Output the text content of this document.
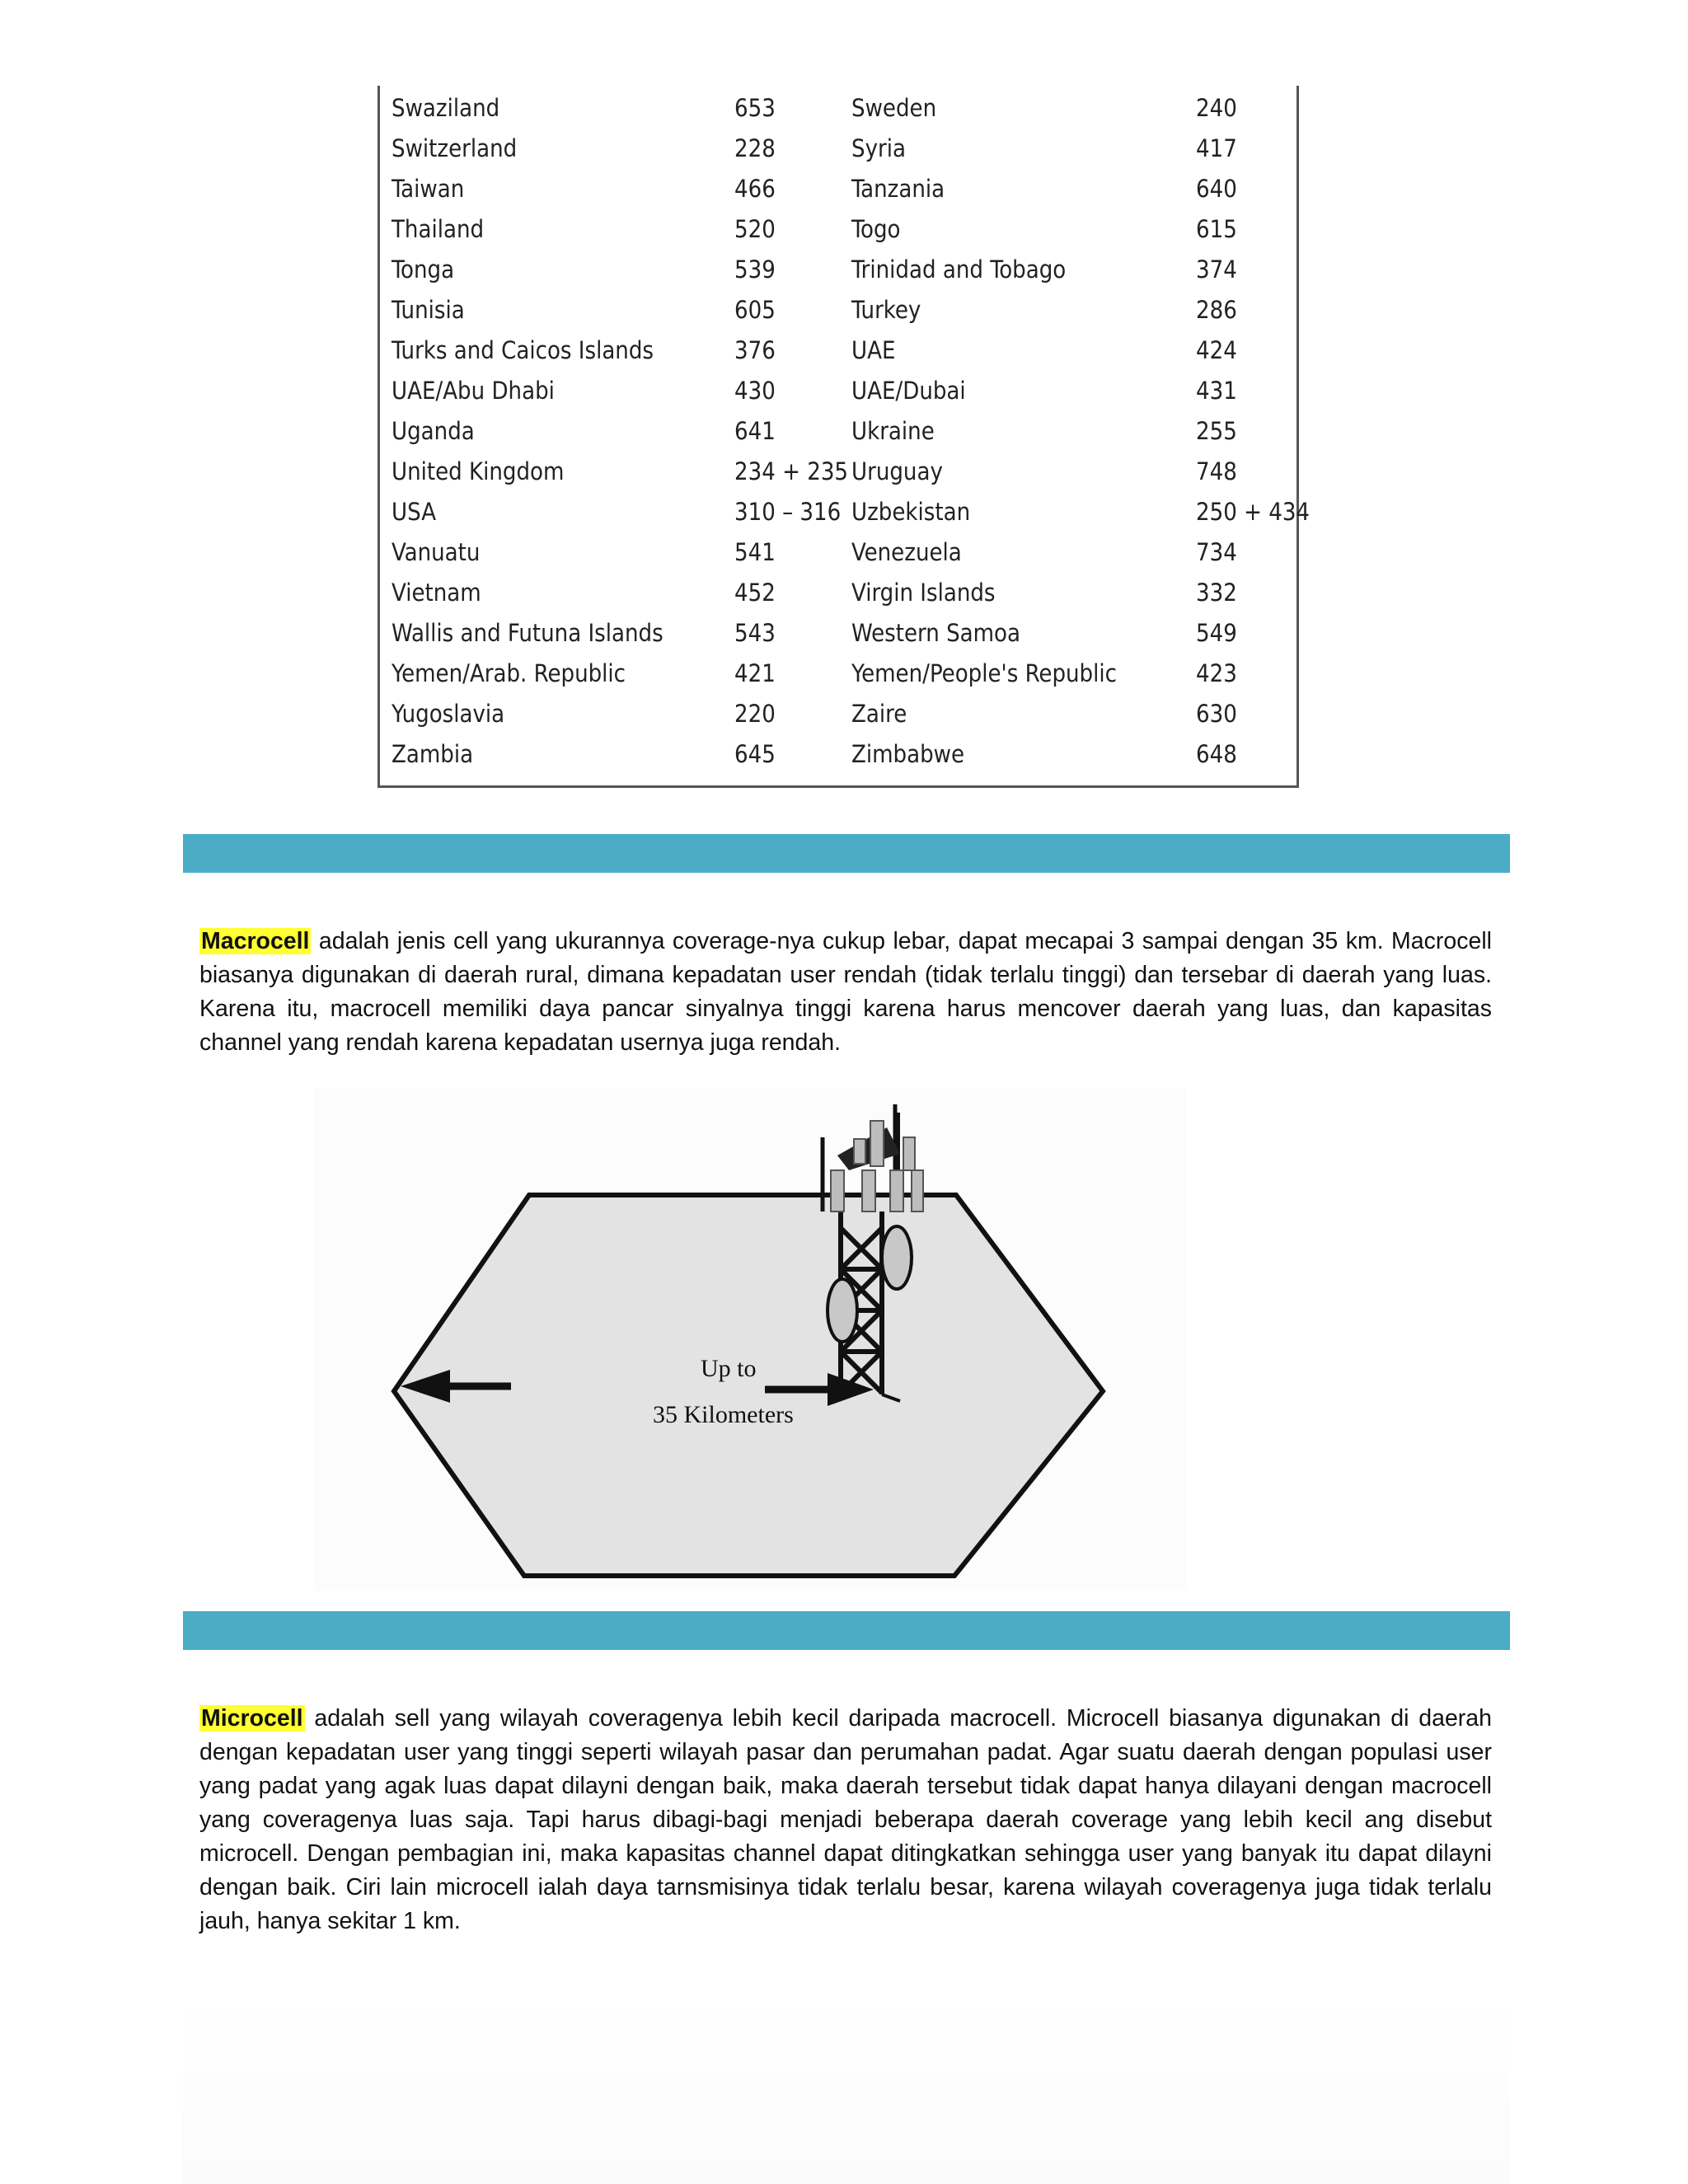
Swaziland	653	Sweden	240
Switzerland	228	Syria	417
Taiwan	466	Tanzania	640
Thailand	520	Togo	615
Tonga	539	Trinidad and Tobago	374
Tunisia	605	Turkey	286
Turks and Caicos Islands	376	UAE	424
UAE/Abu Dhabi	430	UAE/Dubai	431
Uganda	641	Ukraine	255
United Kingdom	234 + 235 Uruguay	748
USA	310 – 316 Uzbekistan	250 + 434
Vanuatu	541	Venezuela	734
Vietnam	452	Virgin Islands	332
Wallis and Futuna Islands	543	Western Samoa	549
Yemen/Arab. Republic	421	Yemen/People's Republic	423
Yugoslavia	220	Zaire	630
Zambia	645	Zimbabwe	648

Macrocell adalah jenis cell yang ukurannya coverage-nya cukup lebar, dapat mecapai 3 sampai dengan 35 km. Macrocell biasanya digunakan di daerah rural, dimana kepadatan user rendah (tidak terlalu tinggi) dan tersebar di daerah yang luas. Karena itu, macrocell memiliki daya pancar sinyalnya tinggi karena harus mencover daerah yang luas, dan kapasitas channel yang rendah karena kepadatan usernya juga rendah.

Up to
35 Kilometers

Microcell adalah sell yang wilayah coveragenya lebih kecil daripada macrocell. Microcell biasanya digunakan di daerah dengan kepadatan user yang tinggi seperti wilayah pasar dan perumahan padat. Agar suatu daerah dengan populasi user yang padat yang agak luas dapat dilayni dengan baik, maka daerah tersebut tidak dapat hanya dilayani dengan macrocell yang coveragenya luas saja. Tapi harus dibagi-bagi menjadi beberapa daerah coverage yang lebih kecil ang disebut microcell. Dengan pembagian ini, maka kapasitas channel dapat ditingkatkan sehingga user yang banyak itu dapat dilayni dengan baik. Ciri lain microcell ialah daya tarnsmisinya tidak terlalu besar, karena wilayah coveragenya juga tidak terlalu jauh, hanya sekitar 1 km.
